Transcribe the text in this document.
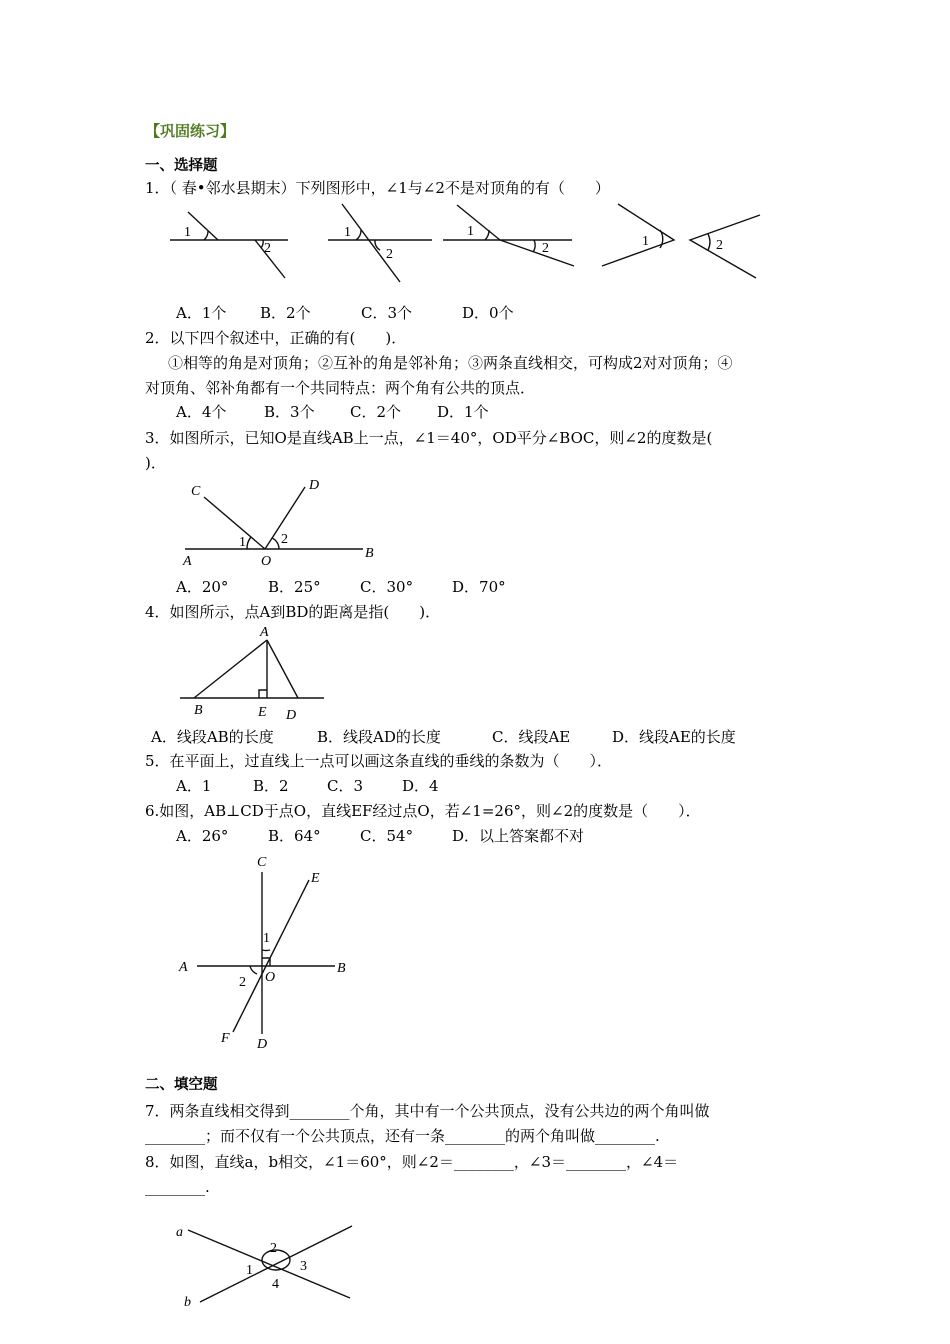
【巩固练习】
一、选择题
1．（ 春•邻水县期末）下列图形中，∠1与∠2不是对顶角的有（　　）
1
2
1
2
1
2	1	2
A．1个 B．2个	C．3个	D．0个
2．以下四个叙述中，正确的有(　　)．
①相等的角是对顶角；②互补的角是邻补角；③两条直线相交，可构成2对对顶角；④
对顶角、邻补角都有一个共同特点：两个角有公共的顶点．
A．4个	B．3个 C．2个 D．1个
3．如图所示，已知O是直线AB上一点，∠1＝40°，OD平分∠BOC，则∠2的度数是(
)．
C	D
A	O
B
1	2
A．20°	B．25°	C．30°	D．70°
4．如图所示，点A到BD的距离是指(　　)．
A
B	E D
A．线段AB的长度	B．线段AD的长度	C．线段AE	D．线段AE的长度
5．在平面上，过直线上一点可以画这条直线的垂线的条数为（　　）．
A．1	B．2	C．3	D．4
6.如图，AB⊥CD于点O，直线EF经过点O，若∠1=26°，则∠2的度数是（　　）．
A．26°	B．64°	C．54°	D．以上答案都不对
C
E
A	B
O
F D
1
2
二、填空题
7．两条直线相交得到________个角，其中有一个公共顶点，没有公共边的两个角叫做
________；而不仅有一个公共顶点，还有一条________的两个角叫做________.
8．如图，直线a，b相交，∠1＝60°，则∠2＝________，∠3＝________，∠4＝
________.
a
b
1
2
3
4
